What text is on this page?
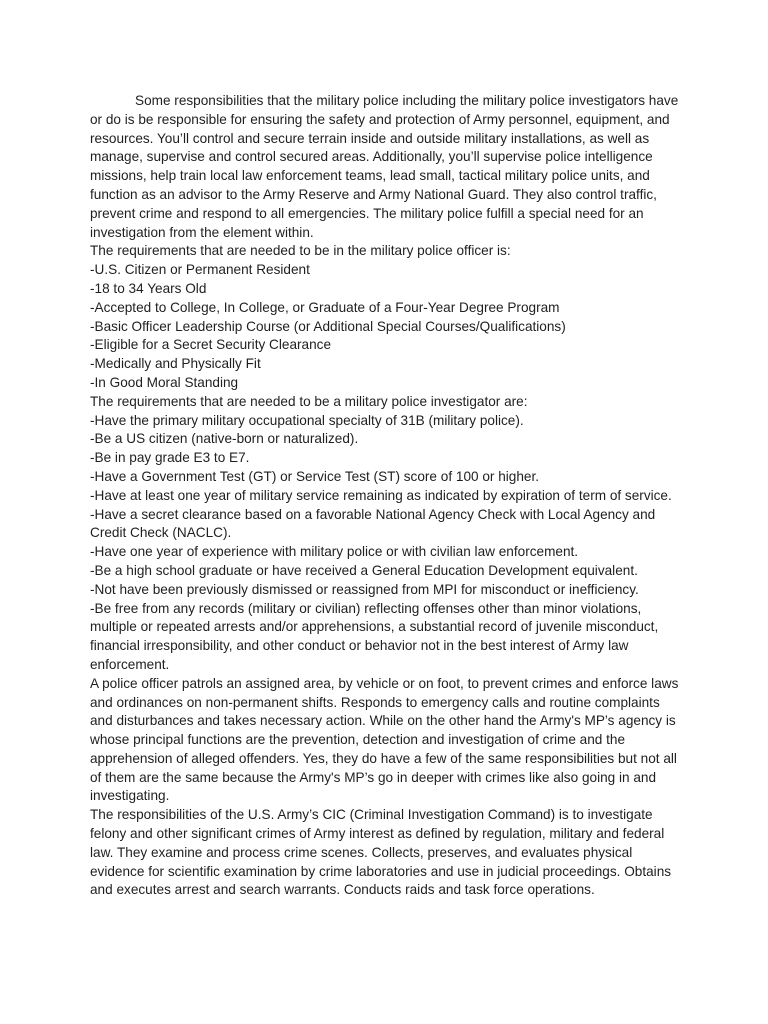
Some responsibilities that the military police including the military police investigators have or do is be responsible for ensuring the safety and protection of Army personnel, equipment, and resources. You’ll control and secure terrain inside and outside military installations, as well as manage, supervise and control secured areas. Additionally, you’ll supervise police intelligence missions, help train local law enforcement teams, lead small, tactical military police units, and function as an advisor to the Army Reserve and Army National Guard. They also control traffic, prevent crime and respond to all emergencies. The military police fulfill a special need for an investigation from the element within.

The requirements that are needed to be in the military police officer is:

-U.S. Citizen or Permanent Resident

-18 to 34 Years Old

-Accepted to College, In College, or Graduate of a Four-Year Degree Program

-Basic Officer Leadership Course (or Additional Special Courses/Qualifications)

-Eligible for a Secret Security Clearance

-Medically and Physically Fit

-In Good Moral Standing

The requirements that are needed to be a military police investigator are:

-Have the primary military occupational specialty of 31B (military police).

-Be a US citizen (native-born or naturalized).

-Be in pay grade E3 to E7.

-Have a Government Test (GT) or Service Test (ST) score of 100 or higher.

-Have at least one year of military service remaining as indicated by expiration of term of service.

-Have a secret clearance based on a favorable National Agency Check with Local Agency and Credit Check (NACLC).

-Have one year of experience with military police or with civilian law enforcement.

-Be a high school graduate or have received a General Education Development equivalent.

-Not have been previously dismissed or reassigned from MPI for misconduct or inefficiency.

-Be free from any records (military or civilian) reflecting offenses other than minor violations, multiple or repeated arrests and/or apprehensions, a substantial record of juvenile misconduct, financial irresponsibility, and other conduct or behavior not in the best interest of Army law enforcement.

A police officer patrols an assigned area, by vehicle or on foot, to prevent crimes and enforce laws and ordinances on non-permanent shifts. Responds to emergency calls and routine complaints and disturbances and takes necessary action. While on the other hand the Army's MP’s agency is whose principal functions are the prevention, detection and investigation of crime and the apprehension of alleged offenders. Yes, they do have a few of the same responsibilities but not all of them are the same because the Army's MP’s go in deeper with crimes like also going in and investigating.

The responsibilities of the U.S. Army’s CIC (Criminal Investigation Command) is to investigate felony and other significant crimes of Army interest as defined by regulation, military and federal law. They examine and process crime scenes. Collects, preserves, and evaluates physical evidence for scientific examination by crime laboratories and use in judicial proceedings. Obtains and executes arrest and search warrants. Conducts raids and task force operations.
